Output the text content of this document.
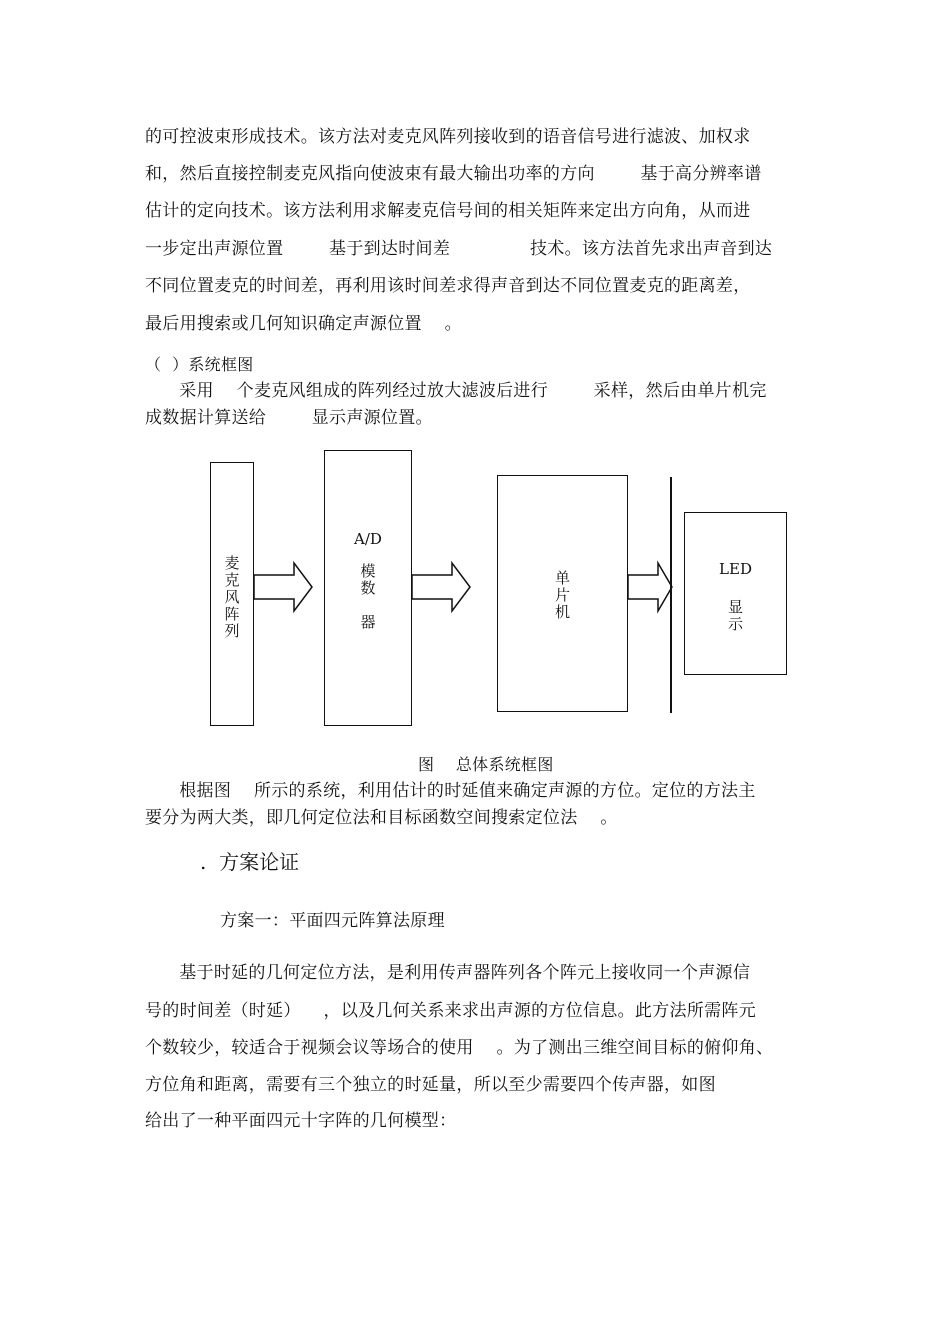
的可控波束形成技术。该方法对麦克风阵列接收到的语音信号进行滤波、加权求
和，然后直接控制麦克风指向使波束有最大输出功率的方向        基于高分辨率谱
估计的定向技术。该方法利用求解麦克信号间的相关矩阵来定出方向角，从而进
一步定出声源位置        基于到达时间差              技术。该方法首先求出声音到达
不同位置麦克的时间差，再利用该时间差求得声音到达不同位置麦克的距离差，
最后用搜索或几何知识确定声源位置    。
（  ）系统框图
采用    个麦克风组成的阵列经过放大滤波后进行        采样，然后由单片机完
成数据计算送给        显示声源位置。
麦
克
风
阵
列
A/D
模
数

器
单
片
机
LED
显
示
图    总体系统框图
根据图    所示的系统，利用估计的时延值来确定声源的方位。定位的方法主
要分为两大类，即几何定位法和目标函数空间搜索定位法    。
.  方案论证
方案一：平面四元阵算法原理
基于时延的几何定位方法，是利用传声器阵列各个阵元上接收同一个声源信
号的时间差（时延）    ，以及几何关系来求出声源的方位信息。此方法所需阵元
个数较少，较适合于视频会议等场合的使用    。为了测出三维空间目标的俯仰角、
方位角和距离，需要有三个独立的时延量，所以至少需要四个传声器，如图
给出了一种平面四元十字阵的几何模型：
